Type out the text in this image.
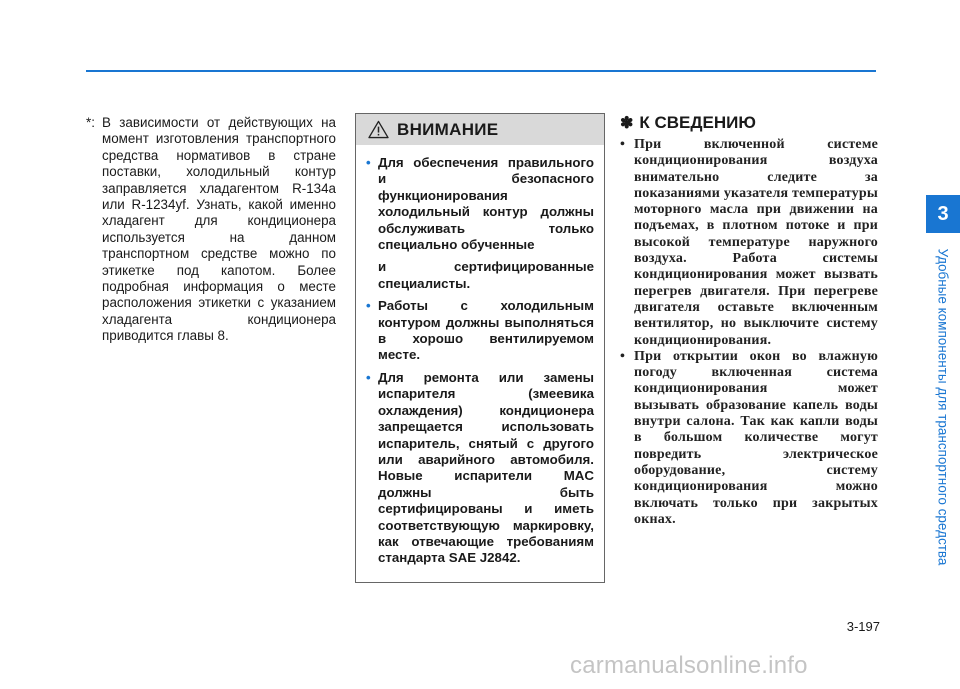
*: В зависимости от действующих на момент изготовления транспортного средства нормативов в стране поставки, холодильный контур заправляется хладагентом R-134a или R-1234yf. Узнать, какой именно хладагент для кондиционера используется на данном транспортном средстве можно по этикетке под капотом. Более подробная информация о месте расположения этикетки с указанием хладагента кондиционера приводится главы 8.
ВНИМАНИЕ
• Для обеспечения правильного и безопасного функционирования холодильный контур должны обслуживать только специально обученные
и сертифицированные специалисты.
• Работы с холодильным контуром должны выполняться в хорошо вентилируемом месте.
• Для ремонта или замены испарителя (змеевика охлаждения) кондиционера запрещается использовать испаритель, снятый с другого или аварийного автомобиля. Новые испарители MAC должны быть сертифицированы и иметь соответствующую маркировку, как отвечающие требованиям стандарта SAE J2842.
✽ К СВЕДЕНИЮ
• При включенной системе кондиционирования воздуха внимательно следите за показаниями указателя температуры моторного масла при движении на подъемах, в плотном потоке и при высокой температуре наружного воздуха. Работа системы кондиционирования может вызвать перегрев двигателя. При перегреве двигателя оставьте включенным вентилятор, но выключите систему кондиционирования.
• При открытии окон во влажную погоду включенная система кондиционирования может вызывать образование капель воды внутри салона. Так как капли воды в большом количестве могут повредить электрическое оборудование, систему кондиционирования можно включать только при закрытых окнах.
3
Удобные компоненты для транспортного средства
3-197
carmanualsonline.info
